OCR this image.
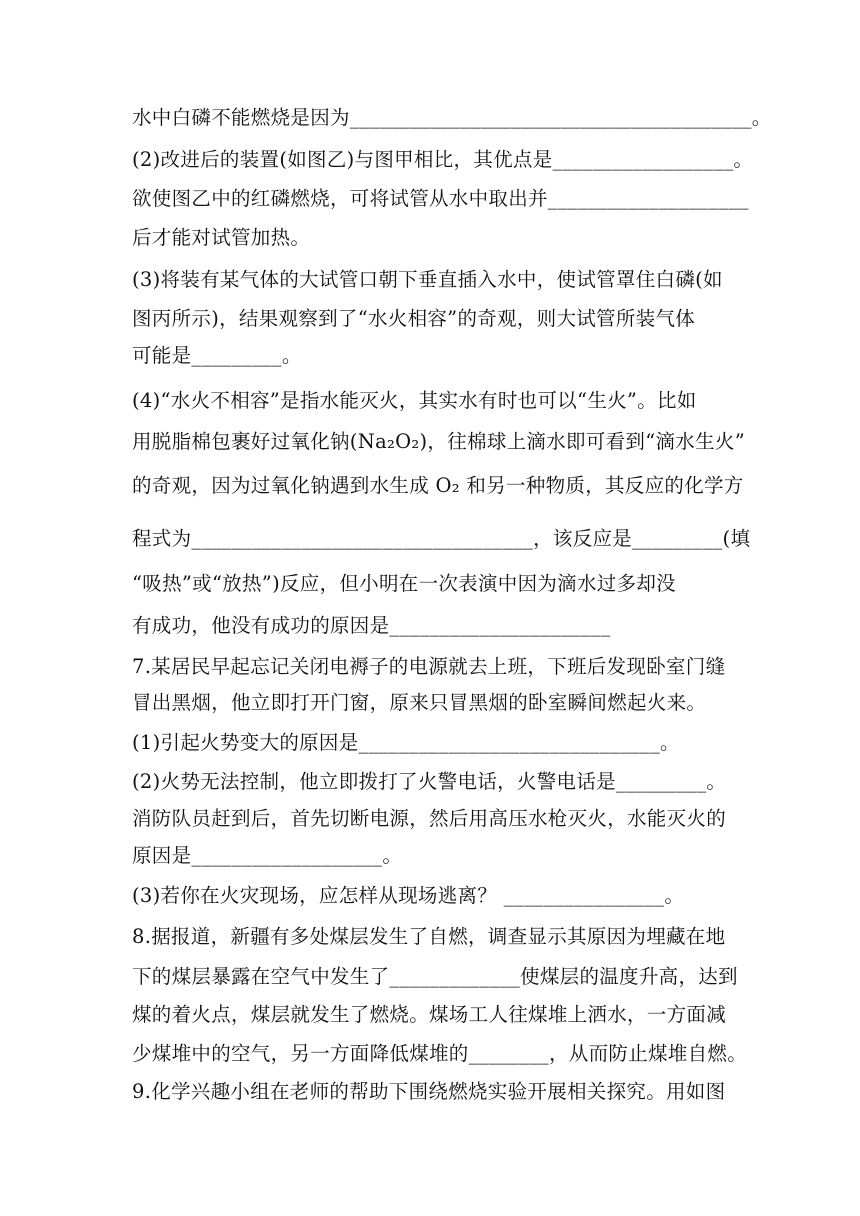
水中白磷不能燃烧是因为________________________________________。
(2)改进后的装置(如图乙)与图甲相比，其优点是__________________。
欲使图乙中的红磷燃烧，可将试管从水中取出并____________________
后才能对试管加热。
(3)将装有某气体的大试管口朝下垂直插入水中，使试管罩住白磷(如
图丙所示)，结果观察到了“水火相容”的奇观，则大试管所装气体
可能是_________。
(4)“水火不相容”是指水能灭火，其实水有时也可以“生火”。比如
用脱脂棉包裹好过氧化钠(Na₂O₂)，往棉球上滴水即可看到“滴水生火”
的奇观，因为过氧化钠遇到水生成 O₂ 和另一种物质，其反应的化学方
程式为__________________________________，该反应是_________(填
“吸热”或“放热”)反应，但小明在一次表演中因为滴水过多却没
有成功，他没有成功的原因是______________________
7.某居民早起忘记关闭电褥子的电源就去上班，下班后发现卧室门缝
冒出黑烟，他立即打开门窗，原来只冒黑烟的卧室瞬间燃起火来。
(1)引起火势变大的原因是______________________________。
(2)火势无法控制，他立即拨打了火警电话，火警电话是_________。
消防队员赶到后，首先切断电源，然后用高压水枪灭火，水能灭火的
原因是___________________。
(3)若你在火灾现场，应怎样从现场逃离？ ________________。
8.据报道，新疆有多处煤层发生了自燃，调查显示其原因为埋藏在地
下的煤层暴露在空气中发生了_____________使煤层的温度升高，达到
煤的着火点，煤层就发生了燃烧。煤场工人往煤堆上洒水，一方面减
少煤堆中的空气，另一方面降低煤堆的________，从而防止煤堆自燃。
9.化学兴趣小组在老师的帮助下围绕燃烧实验开展相关探究。用如图
